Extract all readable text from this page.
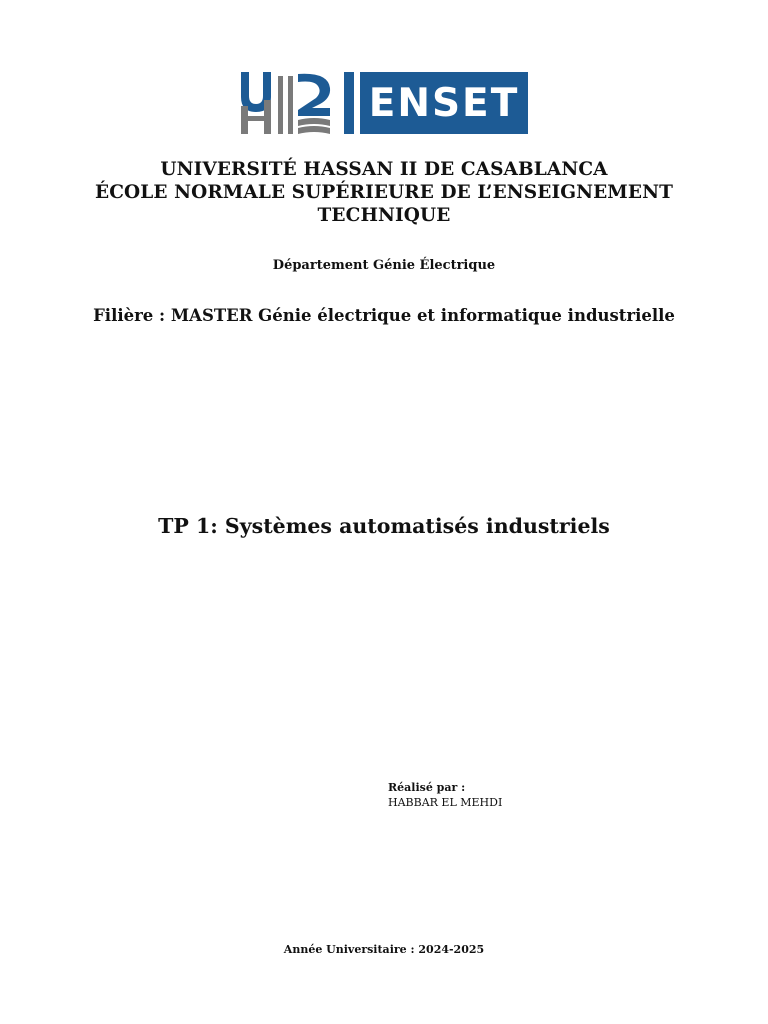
ENSET
UNIVERSITÉ HASSAN II DE CASABLANCA
ÉCOLE NORMALE SUPÉRIEURE DE L’ENSEIGNEMENT
TECHNIQUE
Département Génie Électrique
Filière : MASTER Génie électrique et informatique industrielle
TP 1: Systèmes automatisés industriels
Réalisé par :
HABBAR EL MEHDI
Année Universitaire : 2024-2025
